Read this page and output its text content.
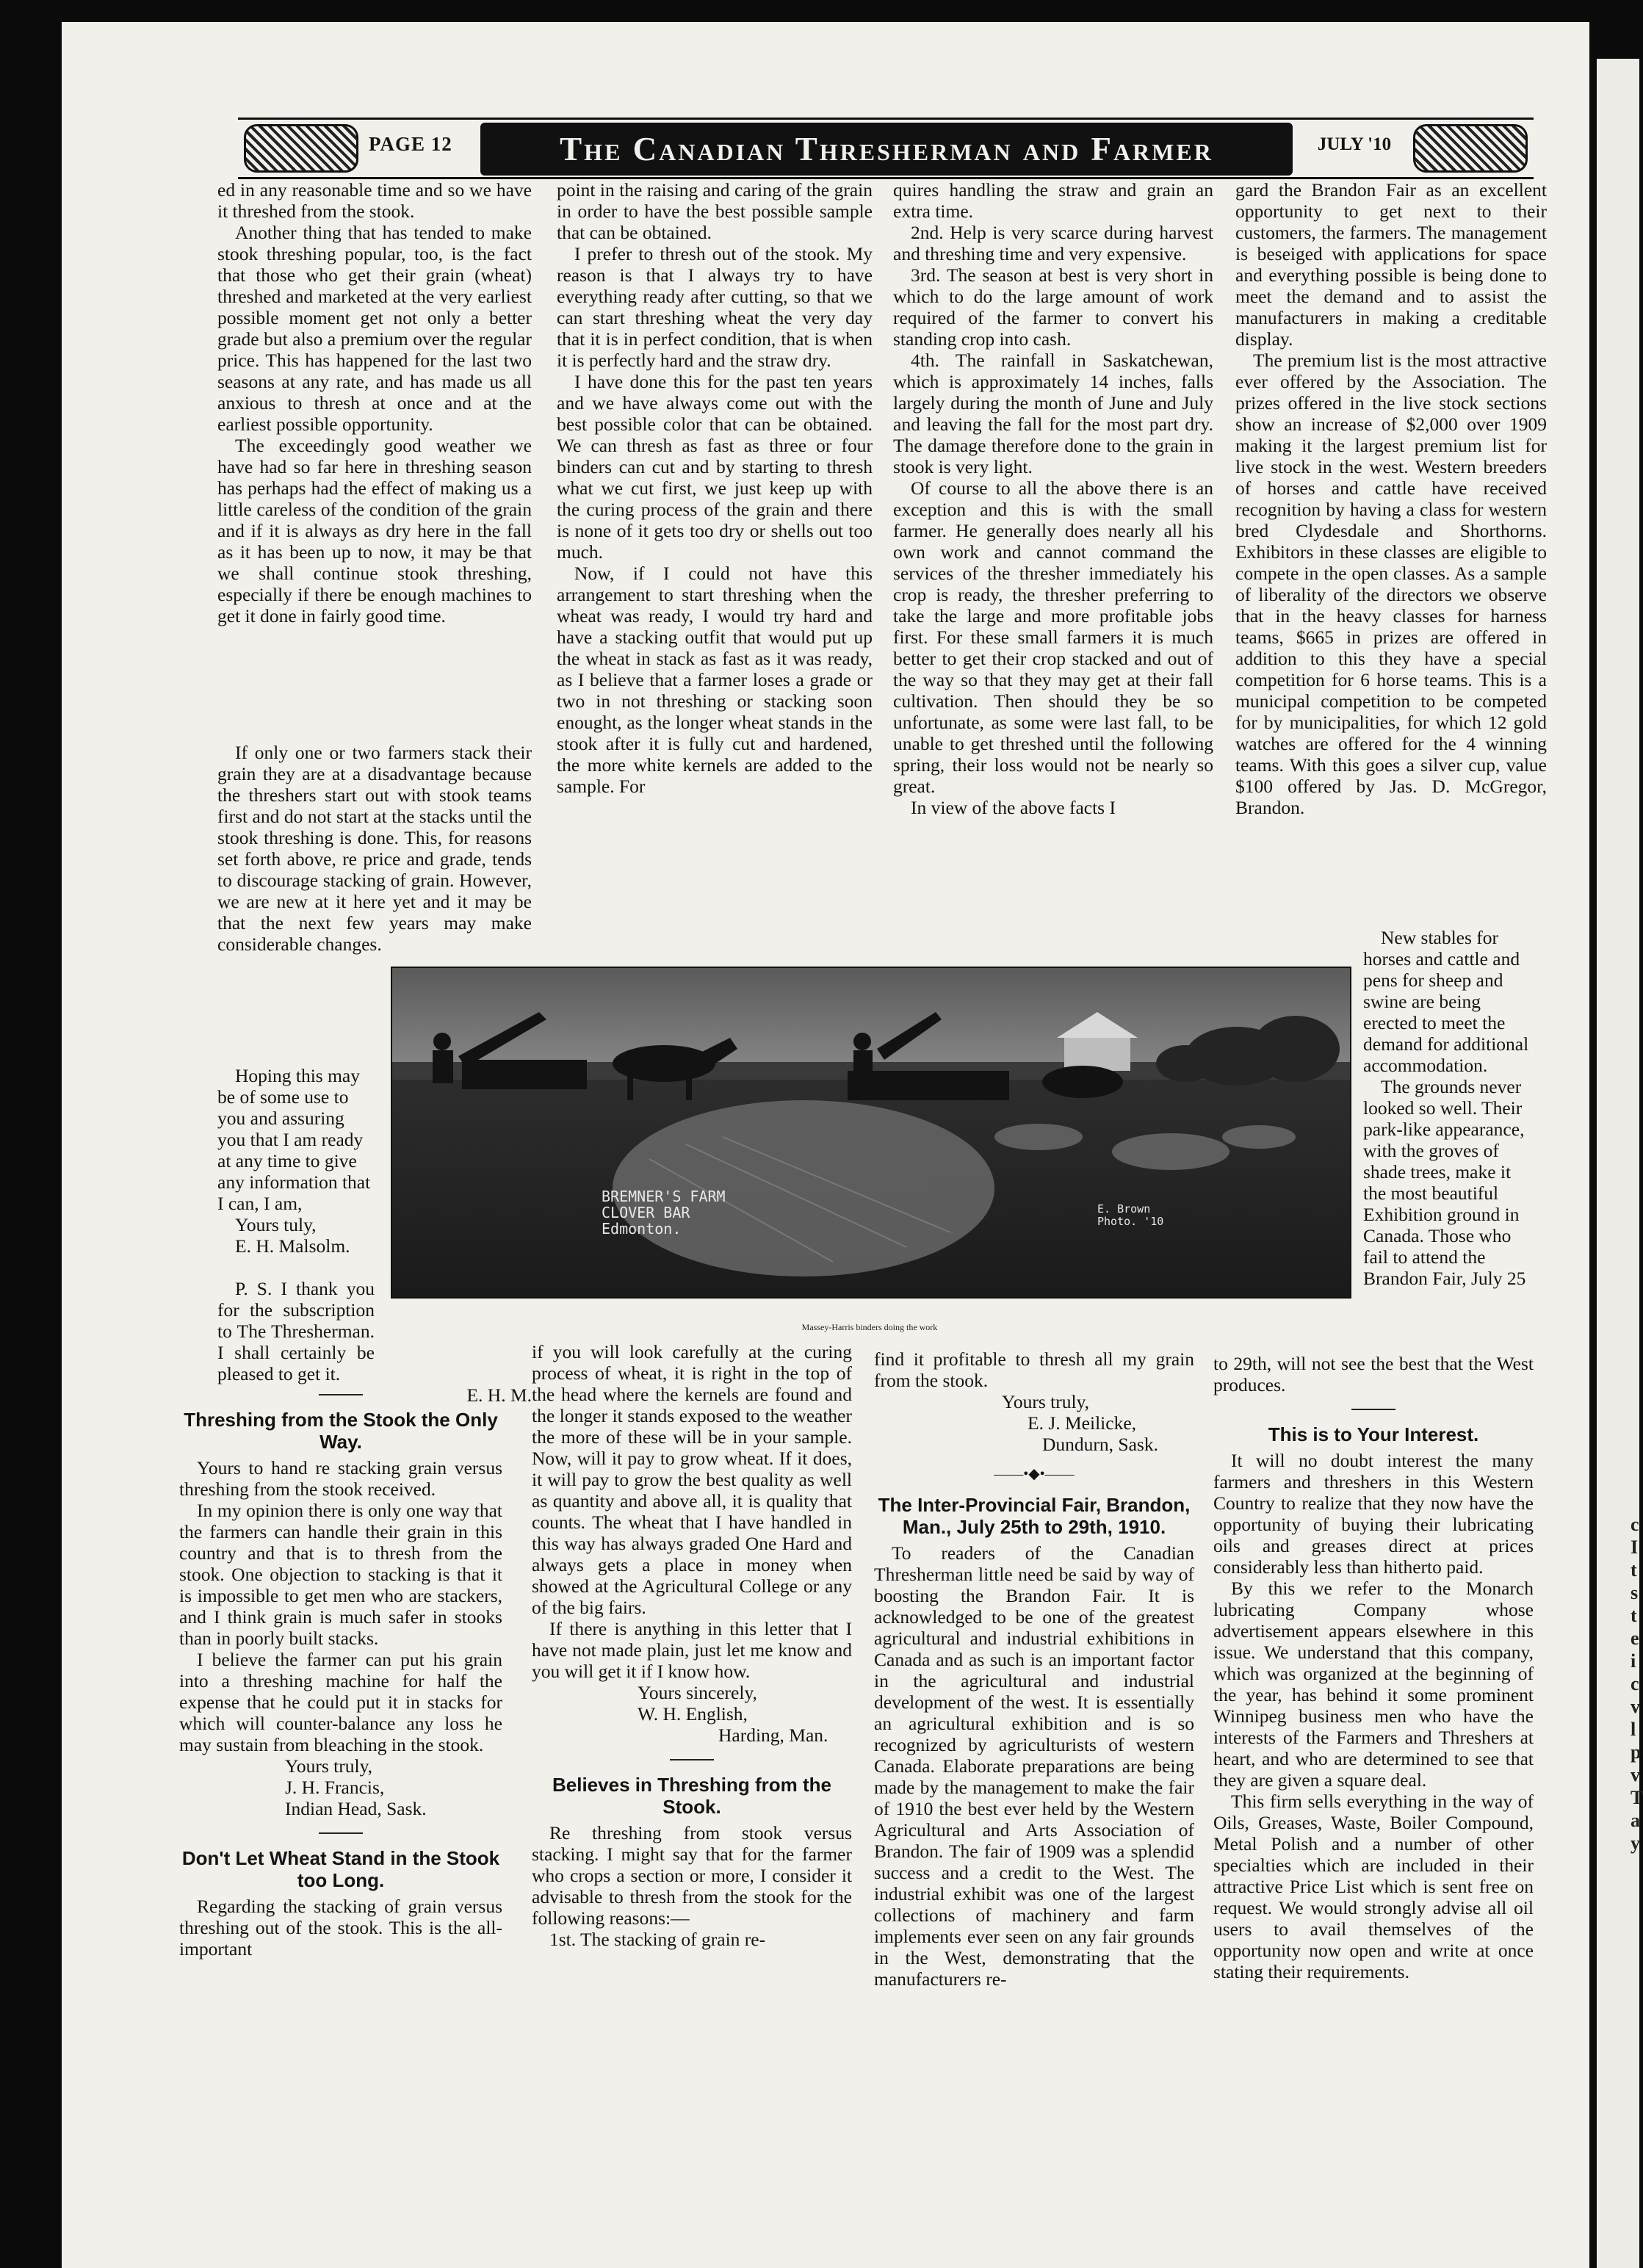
c
I
t
s
t
e
i
c
v
l
p
v
T
a
y
PAGE 12	The Canadian Thresherman and Farmer	JULY '10

ed in any reasonable time and so we have it threshed from the stook.

Another thing that has tended to make stook threshing popular, too, is the fact that those who get their grain (wheat) threshed and marketed at the very earliest possible moment get not only a better grade but also a premium over the regular price. This has happened for the last two seasons at any rate, and has made us all anxious to thresh at once and at the earliest possible opportunity.

The exceedingly good weather we have had so far here in threshing season has perhaps had the effect of making us a little careless of the condition of the grain and if it is always as dry here in the fall as it has been up to now, it may be that we shall continue stook threshing, especially if there be enough machines to get it done in fairly good time.

If only one or two farmers stack their grain they are at a disadvantage because the threshers start out with stook teams first and do not start at the stacks until the stook threshing is done. This, for reasons set forth above, re price and grade, tends to discourage stacking of grain. However, we are new at it here yet and it may be that the next few years may make considerable changes.

Hoping this may be of some use to you and assuring you that I am ready at any time to give any information that I can, I am,

Yours tuly,

E. H. Malsolm.

P. S. I thank you for the subscription to The Thresherman. I shall certainly be pleased to get it.

E. H. M.

Threshing from the Stook the Only Way.

Yours to hand re stacking grain versus threshing from the stook received.

In my opinion there is only one way that the farmers can handle their grain in this country and that is to thresh from the stook. One objection to stacking is that it is impossible to get men who are stackers, and I think grain is much safer in stooks than in poorly built stacks.

I believe the farmer can put his grain into a threshing machine for half the expense that he could put it in stacks for which will counter-balance any loss he may sustain from bleaching in the stook.

Yours truly,

J. H. Francis,

Indian Head, Sask.

Don't Let Wheat Stand in the Stook too Long.

Regarding the stacking of grain versus threshing out of the stook. This is the all-important

point in the raising and caring of the grain in order to have the best possible sample that can be obtained.

I prefer to thresh out of the stook. My reason is that I always try to have everything ready after cutting, so that we can start threshing wheat the very day that it is in perfect condition, that is when it is perfectly hard and the straw dry.

I have done this for the past ten years and we have always come out with the best possible color that can be obtained. We can thresh as fast as three or four binders can cut and by starting to thresh what we cut first, we just keep up with the curing process of the grain and there is none of it gets too dry or shells out too much.

Now, if I could not have this arrangement to start threshing when the wheat was ready, I would try hard and have a stacking outfit that would put up the wheat in stack as fast as it was ready, as I believe that a farmer loses a grade or two in not threshing or stacking soon enought, as the longer wheat stands in the stook after it is fully cut and hardened, the more white kernels are added to the sample. For

if you will look carefully at the curing process of wheat, it is right in the top of the head where the kernels are found and the longer it stands exposed to the weather the more of these will be in your sample. Now, will it pay to grow wheat. If it does, it will pay to grow the best quality as well as quantity and above all, it is quality that counts. The wheat that I have handled in this way has always graded One Hard and always gets a place in money when showed at the Agricultural College or any of the big fairs.

If there is anything in this letter that I have not made plain, just let me know and you will get it if I know how.

Yours sincerely,

W. H. English,

Harding, Man.

Believes in Threshing from the Stook.

Re threshing from stook versus stacking. I might say that for the farmer who crops a section or more, I consider it advisable to thresh from the stook for the following reasons:—

1st. The stacking of grain re-

quires handling the straw and grain an extra time.

2nd. Help is very scarce during harvest and threshing time and very expensive.

3rd. The season at best is very short in which to do the large amount of work required of the farmer to convert his standing crop into cash.

4th. The rainfall in Saskatchewan, which is approximately 14 inches, falls largely during the month of June and July and leaving the fall for the most part dry. The damage therefore done to the grain in stook is very light.

Of course to all the above there is an exception and this is with the small farmer. He generally does nearly all his own work and cannot command the services of the thresher immediately his crop is ready, the thresher preferring to take the large and more profitable jobs first. For these small farmers it is much better to get their crop stacked and out of the way so that they may get at their fall cultivation. Then should they be so unfortunate, as some were last fall, to be unable to get threshed until the following spring, their loss would not be nearly so great.

In view of the above facts I

find it profitable to thresh all my grain from the stook.

Yours truly,

E. J. Meilicke,

Dundurn, Sask.

——•◆•——
The Inter-Provincial Fair, Brandon, Man., July 25th to 29th, 1910.

To readers of the Canadian Thresherman little need be said by way of boosting the Brandon Fair. It is acknowledged to be one of the greatest agricultural and industrial exhibitions in Canada and as such is an important factor in the agricultural and industrial development of the west. It is essentially an agricultural exhibition and is so recognized by agriculturists of western Canada. Elaborate preparations are being made by the management to make the fair of 1910 the best ever held by the Western Agricultural and Arts Association of Brandon. The fair of 1909 was a splendid success and a credit to the West. The industrial exhibit was one of the largest collections of machinery and farm implements ever seen on any fair grounds in the West, demonstrating that the manufacturers re-

gard the Brandon Fair as an excellent opportunity to get next to their customers, the farmers. The management is beseiged with applications for space and everything possible is being done to meet the demand and to assist the manufacturers in making a creditable display.

The premium list is the most attractive ever offered by the Association. The prizes offered in the live stock sections show an increase of $2,000 over 1909 making it the largest premium list for live stock in the west. Western breeders of horses and cattle have received recognition by having a class for western bred Clydesdale and Shorthorns. Exhibitors in these classes are eligible to compete in the open classes. As a sample of liberality of the directors we observe that in the heavy classes for harness teams, $665 in prizes are offered in addition to this they have a special competition for 6 horse teams. This is a municipal competition to be competed for by municipalities, for which 12 gold watches are offered for the 4 winning teams. With this goes a silver cup, value $100 offered by Jas. D. McGregor, Brandon.

New stables for horses and cattle and pens for sheep and swine are being erected to meet the demand for additional accommodation.

The grounds never looked so well. Their park-like appearance, with the groves of shade trees, make it the most beautiful Exhibition ground in Canada. Those who fail to attend the Brandon Fair, July 25

to 29th, will not see the best that the West produces.

This is to Your Interest.

It will no doubt interest the many farmers and threshers in this Western Country to realize that they now have the opportunity of buying their lubricating oils and greases direct at prices considerably less than hitherto paid.

By this we refer to the Monarch lubricating Company whose advertisement appears elsewhere in this issue. We understand that this company, which was organized at the beginning of the year, has behind it some prominent Winnipeg business men who have the interests of the Farmers and Threshers at heart, and who are determined to see that they are given a square deal.

This firm sells everything in the way of Oils, Greases, Waste, Boiler Compound, Metal Polish and a number of other specialties which are included in their attractive Price List which is sent free on request. We would strongly advise all oil users to avail themselves of the opportunity now open and write at once stating their requirements.

BREMNER'S FARM
CLOVER BAR
Edmonton.
E. Brown
Photo. '10
Massey-Harris binders doing the work
